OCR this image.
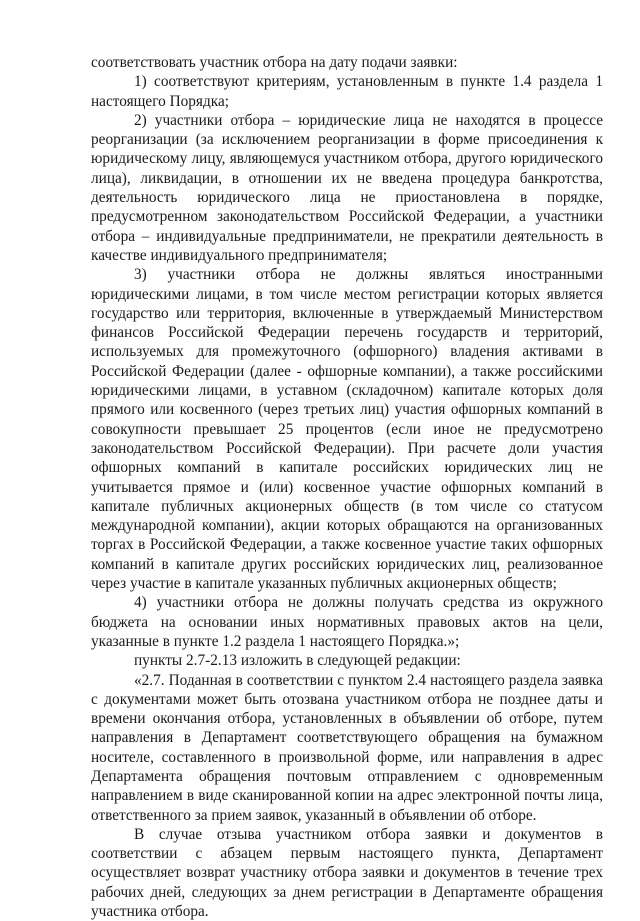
соответствовать участник отбора на дату подачи заявки:

1) соответствуют критериям, установленным в пункте 1.4 раздела 1 настоящего Порядка;

2) участники отбора – юридические лица не находятся в процессе реорганизации (за исключением реорганизации в форме присоединения к юридическому лицу, являющемуся участником отбора, другого юридического лица), ликвидации, в отношении их не введена процедура банкротства, деятельность юридического лица не приостановлена в порядке, предусмотренном законодательством Российской Федерации, а участники отбора – индивидуальные предприниматели, не прекратили деятельность в качестве индивидуального предпринимателя;

3) участники отбора не должны являться иностранными юридическими лицами, в том числе местом регистрации которых является государство или территория, включенные в утверждаемый Министерством финансов Российской Федерации перечень государств и территорий, используемых для промежуточного (офшорного) владения активами в Российской Федерации (далее - офшорные компании), а также российскими юридическими лицами, в уставном (складочном) капитале которых доля прямого или косвенного (через третьих лиц) участия офшорных компаний в совокупности превышает 25 процентов (если иное не предусмотрено законодательством Российской Федерации). При расчете доли участия офшорных компаний в капитале российских юридических лиц не учитывается прямое и (или) косвенное участие офшорных компаний в капитале публичных акционерных обществ (в том числе со статусом международной компании), акции которых обращаются на организованных торгах в Российской Федерации, а также косвенное участие таких офшорных компаний в капитале других российских юридических лиц, реализованное через участие в капитале указанных публичных акционерных обществ;

4) участники отбора не должны получать средства из окружного бюджета на основании иных нормативных правовых актов на цели, указанные в пункте 1.2 раздела 1 настоящего Порядка.»;

пункты 2.7-2.13 изложить в следующей редакции:

«2.7. Поданная в соответствии с пунктом 2.4 настоящего раздела заявка с документами может быть отозвана участником отбора не позднее даты и времени окончания отбора, установленных в объявлении об отборе, путем направления в Департамент соответствующего обращения на бумажном носителе, составленного в произвольной форме, или направления в адрес Департамента обращения почтовым отправлением с одновременным направлением в виде сканированной копии на адрес электронной почты лица, ответственного за прием заявок, указанный в объявлении об отборе.

В случае отзыва участником отбора заявки и документов в соответствии с абзацем первым настоящего пункта, Департамент осуществляет возврат участнику отбора заявки и документов в течение трех рабочих дней, следующих за днем регистрации в Департаменте обращения участника отбора.
